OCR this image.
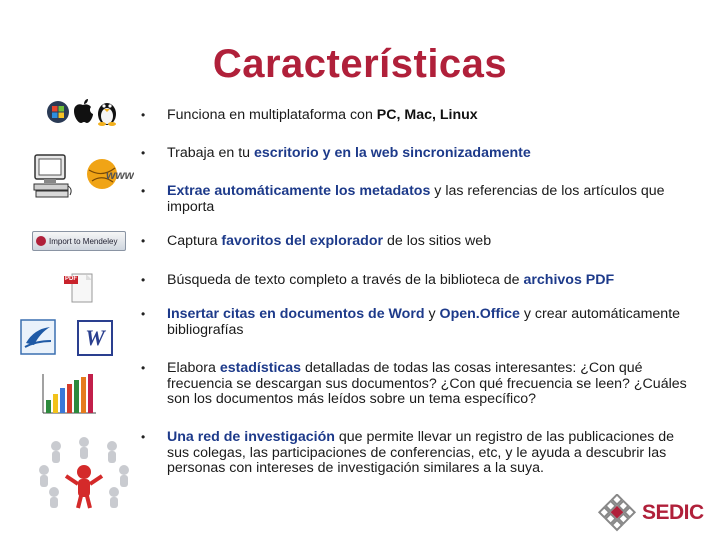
Características
• Funciona en multiplataforma con PC, Mac, Linux
• Trabaja en tu escritorio y en la web sincronizadamente
• Extrae automáticamente los metadatos y las referencias de los artículos que importa
• Captura favoritos del explorador de los sitios web
• Búsqueda de texto completo a través de la biblioteca de archivos PDF
• Insertar citas en documentos de Word y Open.Office y crear automáticamente bibliografías
• Elabora estadísticas detalladas de todas las cosas interesantes: ¿Con qué frecuencia se descargan sus documentos? ¿Con qué frecuencia se leen? ¿Cuáles son los documentos más leídos sobre un tema específico?
• Una red de investigación que permite llevar un registro de las publicaciones de sus colegas, las participaciones de conferencias, etc, y le ayuda a descubrir las personas con intereses de investigación similares a la suya.
www
Import to Mendeley
PDF
W
SEDIC
